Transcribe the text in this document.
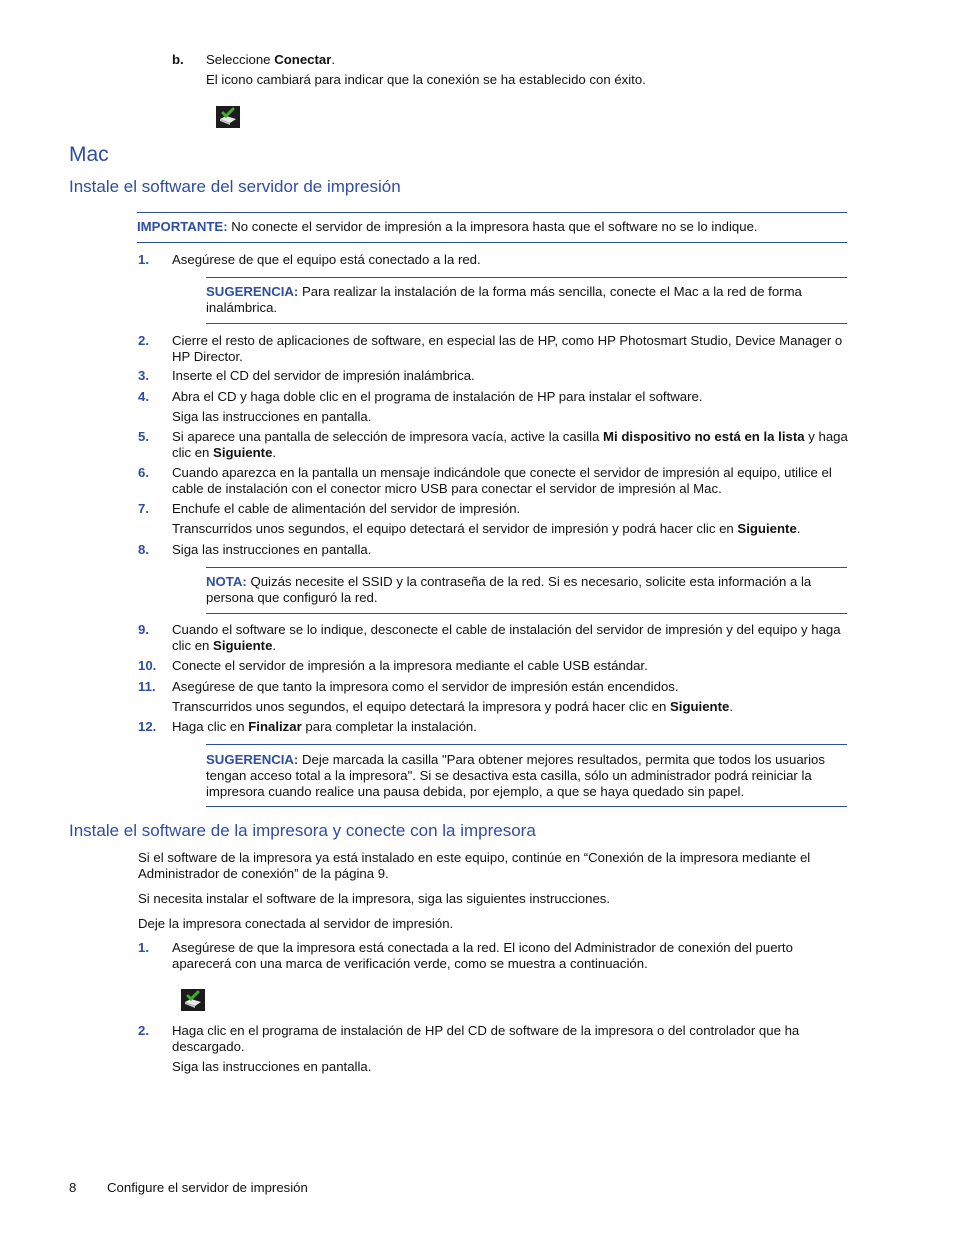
b. Seleccione Conectar.
El icono cambiará para indicar que la conexión se ha establecido con éxito.
Mac
Instale el software del servidor de impresión
IMPORTANTE: No conecte el servidor de impresión a la impresora hasta que el software no se lo indique.
1.	Asegúrese de que el equipo está conectado a la red.
SUGERENCIA: Para realizar la instalación de la forma más sencilla, conecte el Mac a la red de forma inalámbrica.
2.	Cierre el resto de aplicaciones de software, en especial las de HP, como HP Photosmart Studio, Device Manager o HP Director.
3.	Inserte el CD del servidor de impresión inalámbrica.
4.	Abra el CD y haga doble clic en el programa de instalación de HP para instalar el software.
Siga las instrucciones en pantalla.
5.	Si aparece una pantalla de selección de impresora vacía, active la casilla Mi dispositivo no está en la lista y haga clic en Siguiente.
6.	Cuando aparezca en la pantalla un mensaje indicándole que conecte el servidor de impresión al equipo, utilice el cable de instalación con el conector micro USB para conectar el servidor de impresión al Mac.
7.	Enchufe el cable de alimentación del servidor de impresión.
Transcurridos unos segundos, el equipo detectará el servidor de impresión y podrá hacer clic en Siguiente.
8.	Siga las instrucciones en pantalla.
NOTA: Quizás necesite el SSID y la contraseña de la red. Si es necesario, solicite esta información a la persona que configuró la red.
9.	Cuando el software se lo indique, desconecte el cable de instalación del servidor de impresión y del equipo y haga clic en Siguiente.
10.	Conecte el servidor de impresión a la impresora mediante el cable USB estándar.
11.	Asegúrese de que tanto la impresora como el servidor de impresión están encendidos.
Transcurridos unos segundos, el equipo detectará la impresora y podrá hacer clic en Siguiente.
12.	Haga clic en Finalizar para completar la instalación.
SUGERENCIA: Deje marcada la casilla "Para obtener mejores resultados, permita que todos los usuarios tengan acceso total a la impresora". Si se desactiva esta casilla, sólo un administrador podrá reiniciar la impresora cuando realice una pausa debida, por ejemplo, a que se haya quedado sin papel.
Instale el software de la impresora y conecte con la impresora
Si el software de la impresora ya está instalado en este equipo, continúe en “Conexión de la impresora mediante el Administrador de conexión” de la página 9.
Si necesita instalar el software de la impresora, siga las siguientes instrucciones.
Deje la impresora conectada al servidor de impresión.
1.	Asegúrese de que la impresora está conectada a la red. El icono del Administrador de conexión del puerto aparecerá con una marca de verificación verde, como se muestra a continuación.
2.	Haga clic en el programa de instalación de HP del CD de software de la impresora o del controlador que ha descargado.
Siga las instrucciones en pantalla.
8 Configure el servidor de impresión
